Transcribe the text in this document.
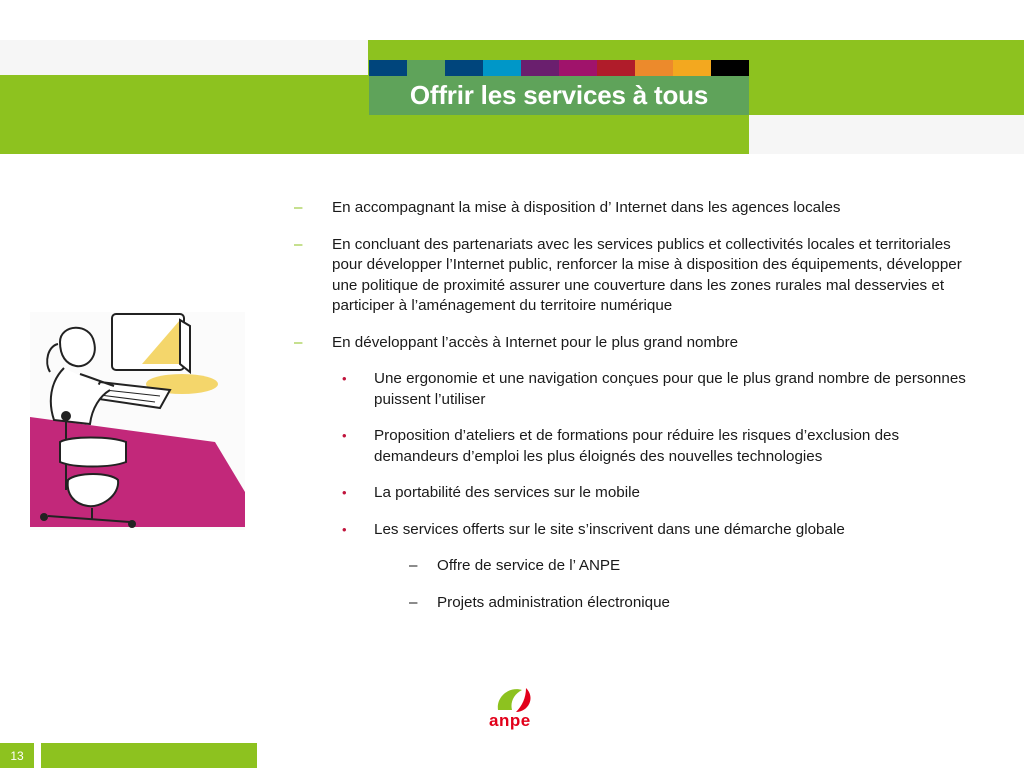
Offrir les services à tous
– En accompagnant la mise à disposition d’ Internet dans les agences locales
– En concluant des partenariats avec les services publics et collectivités locales et territoriales pour développer l’Internet public, renforcer la mise à disposition des équipements, développer une politique de proximité assurer une couverture dans les zones rurales mal desservies et participer à l’aménagement du territoire numérique
– En développant l’accès à Internet pour le plus grand nombre
• Une ergonomie et une navigation conçues pour que le plus grand nombre de personnes puissent l’utiliser
• Proposition d’ateliers et de formations pour réduire les risques d’exclusion des demandeurs d’emploi les plus éloignés des nouvelles technologies
• La portabilité des services sur le mobile
• Les services offerts sur le site s’inscrivent dans une démarche globale
– Offre de service de l’ ANPE
– Projets administration électronique
anpe
13
